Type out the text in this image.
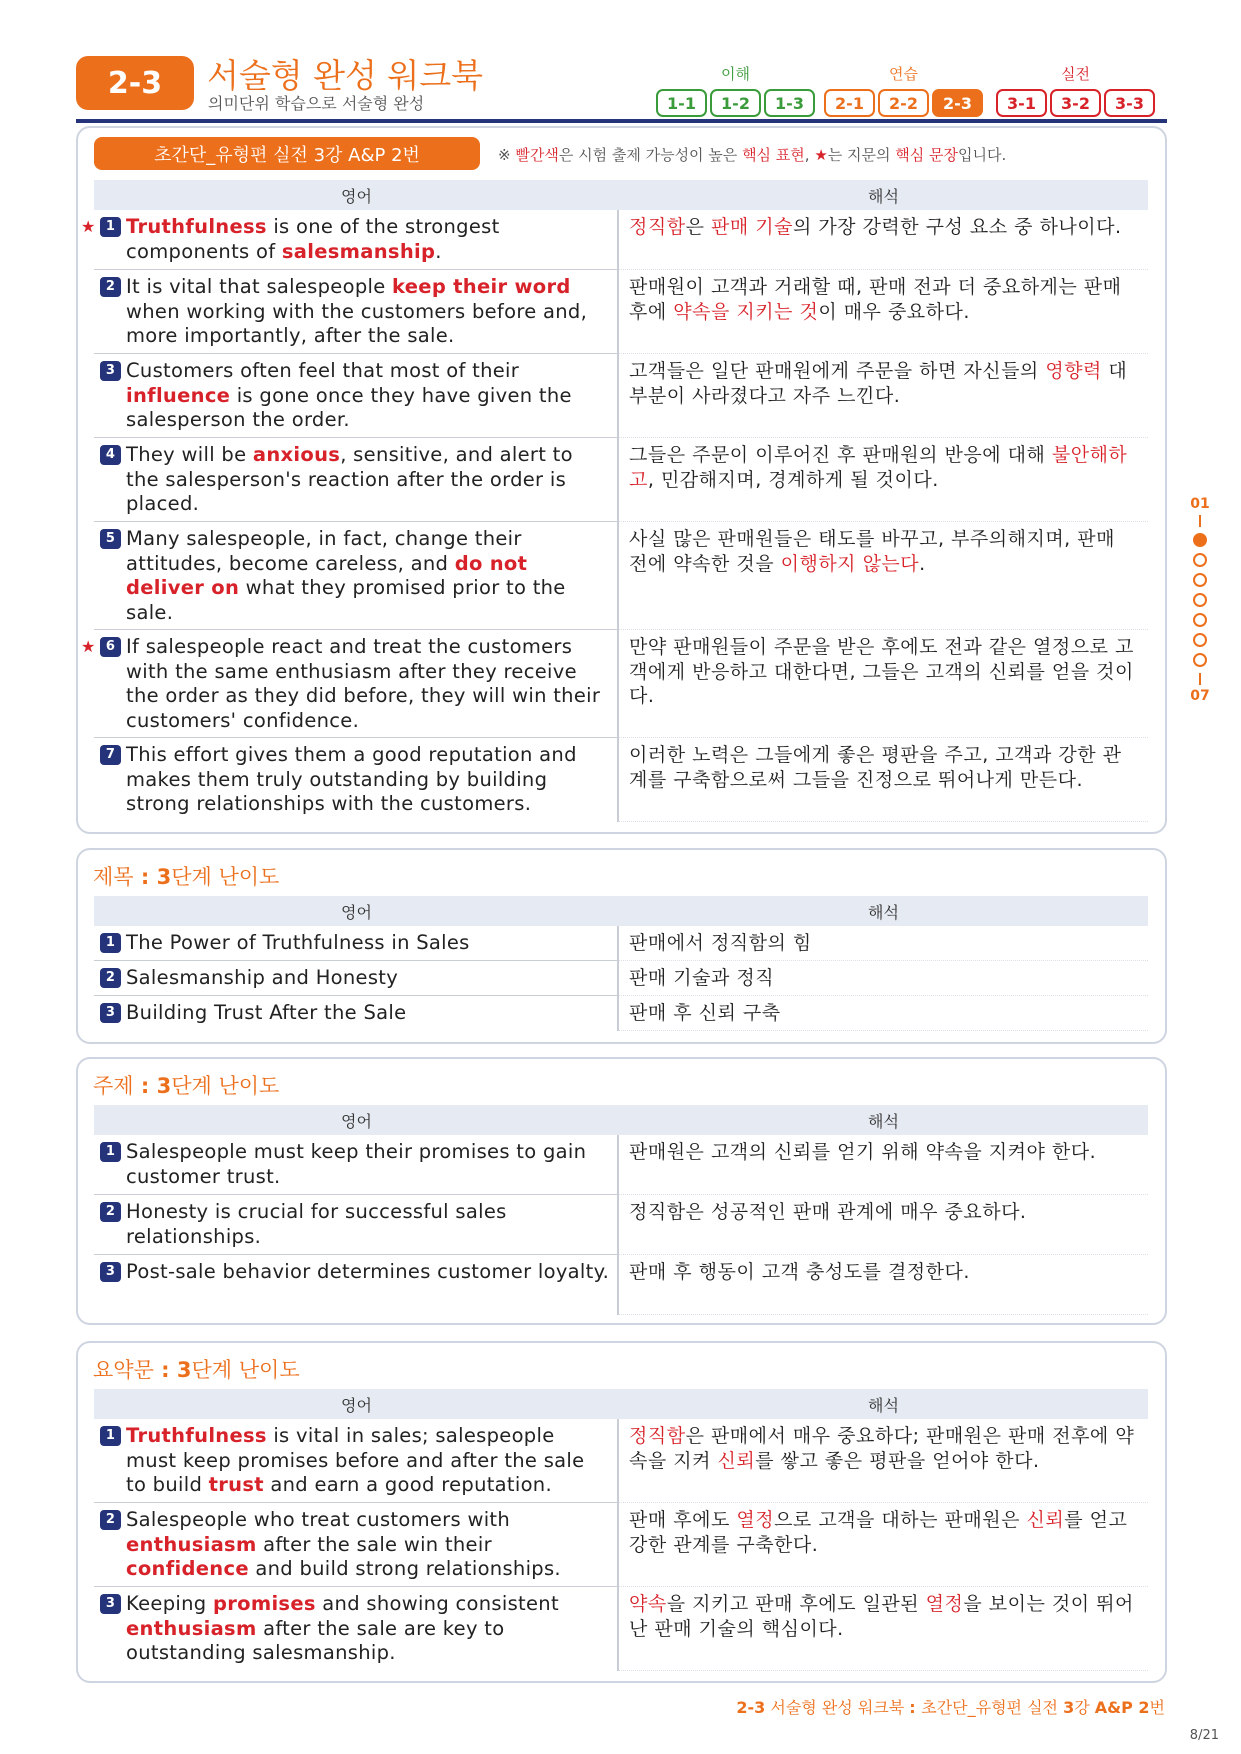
2-3	서술형 완성 워크북
의미단위 학습으로 서술형 완성
이해
1-1	1-2	1-3
연습
2-1	2-2	2-3
실전
3-1	3-2	3-3
초간단_유형편 실전 3강 A&P 2번	※ 빨간색은 시험 출제 가능성이 높은 핵심 표현, ★는 지문의 핵심 문장입니다.
영어	해석
★ 1 Truthfulness is one of the strongest components of salesmanship.
정직함은 판매 기술의 가장 강력한 구성 요소 중 하나이다.
2 It is vital that salespeople keep their word when working with the customers before and, more importantly, after the sale.
판매원이 고객과 거래할 때, 판매 전과 더 중요하게는 판매 후에 약속을 지키는 것이 매우 중요하다.
3 Customers often feel that most of their influence is gone once they have given the salesperson the order.
고객들은 일단 판매원에게 주문을 하면 자신들의 영향력 대부분이 사라졌다고 자주 느낀다.
4 They will be anxious, sensitive, and alert to the salesperson's reaction after the order is placed.
그들은 주문이 이루어진 후 판매원의 반응에 대해 불안해하고, 민감해지며, 경계하게 될 것이다.
5 Many salespeople, in fact, change their attitudes, become careless, and do not deliver on what they promised prior to the sale.
사실 많은 판매원들은 태도를 바꾸고, 부주의해지며, 판매 전에 약속한 것을 이행하지 않는다.
★ 6 If salespeople react and treat the customers with the same enthusiasm after they receive the order as they did before, they will win their customers' confidence.
만약 판매원들이 주문을 받은 후에도 전과 같은 열정으로 고객에게 반응하고 대한다면, 그들은 고객의 신뢰를 얻을 것이다.
7 This effort gives them a good reputation and makes them truly outstanding by building strong relationships with the customers.
이러한 노력은 그들에게 좋은 평판을 주고, 고객과 강한 관계를 구축함으로써 그들을 진정으로 뛰어나게 만든다.
제목 : 3단계 난이도
영어	해석
1 The Power of Truthfulness in Sales	판매에서 정직함의 힘
2 Salesmanship and Honesty	판매 기술과 정직
3 Building Trust After the Sale	판매 후 신뢰 구축
주제 : 3단계 난이도
영어	해석
1 Salespeople must keep their promises to gain customer trust.
판매원은 고객의 신뢰를 얻기 위해 약속을 지켜야 한다.
2 Honesty is crucial for successful sales relationships.
정직함은 성공적인 판매 관계에 매우 중요하다.
3 Post-sale behavior determines customer loyalty.	판매 후 행동이 고객 충성도를 결정한다.
요약문 : 3단계 난이도
영어	해석
1 Truthfulness is vital in sales; salespeople must keep promises before and after the sale to build trust and earn a good reputation.
정직함은 판매에서 매우 중요하다; 판매원은 판매 전후에 약속을 지켜 신뢰를 쌓고 좋은 평판을 얻어야 한다.
2 Salespeople who treat customers with enthusiasm after the sale win their confidence and build strong relationships.
판매 후에도 열정으로 고객을 대하는 판매원은 신뢰를 얻고 강한 관계를 구축한다.
3 Keeping promises and showing consistent enthusiasm after the sale are key to outstanding salesmanship.
약속을 지키고 판매 후에도 일관된 열정을 보이는 것이 뛰어난 판매 기술의 핵심이다.
01
07
2-3 서술형 완성 워크북 : 초간단_유형편 실전 3강 A&P 2번
8/21
